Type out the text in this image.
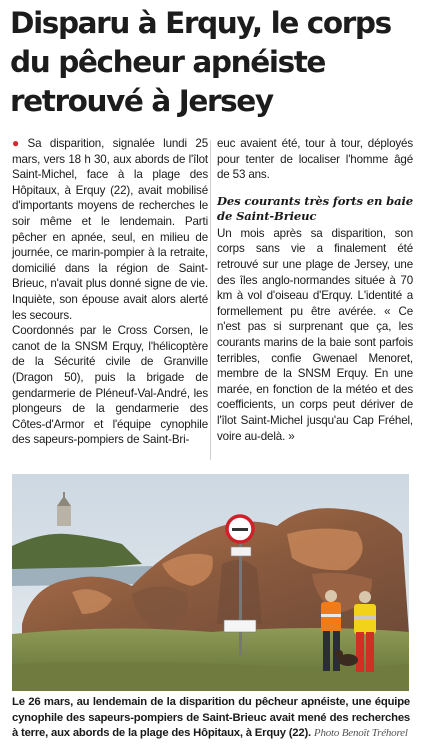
Disparu à Erquy, le corps
du pêcheur apnéiste
retrouvé à Jersey

● Sa disparition, signalée lundi 25 mars, vers 18 h 30, aux abords de l'îlot Saint-Michel, face à la plage des Hôpitaux, à Erquy (22), avait mobilisé d'importants moyens de recherches le soir même et le lendemain. Parti pêcher en apnée, seul, en milieu de journée, ce marin-pompier à la retraite, domicilié dans la région de Saint-Brieuc, n'avait plus donné signe de vie. Inquiète, son épouse avait alors alerté les secours.

Coordonnés par le Cross Corsen, le canot de la SNSM Erquy, l'hélicoptère de la Sécurité civile de Granville (Dragon 50), puis la brigade de gendarmerie de Pléneuf-Val-André, les plongeurs de la gendarmerie des Côtes-d'Armor et l'équipe cynophile des sapeurs-pompiers de Saint-Bri-

euc avaient été, tour à tour, déployés pour tenter de localiser l'homme âgé de 53 ans.

Des courants très forts en baie de Saint-Brieuc

Un mois après sa disparition, son corps sans vie a finalement été retrouvé sur une plage de Jersey, une des îles anglo-normandes située à 70 km à vol d'oiseau d'Erquy. L'identité a formellement pu être avérée. « Ce n'est pas si surprenant que ça, les courants marins de la baie sont parfois terribles, confie Gwenael Menoret, membre de la SNSM Erquy. En une marée, en fonction de la météo et des coefficients, un corps peut dériver de l'îlot Saint-Michel jusqu'au Cap Fréhel, voire au-delà. »

Le 26 mars, au lendemain de la disparition du pêcheur apnéiste, une équipe cynophile des sapeurs-pompiers de Saint-Brieuc avait mené des recherches à terre, aux abords de la plage des Hôpitaux, à Erquy (22). Photo Benoît Tréhorel
